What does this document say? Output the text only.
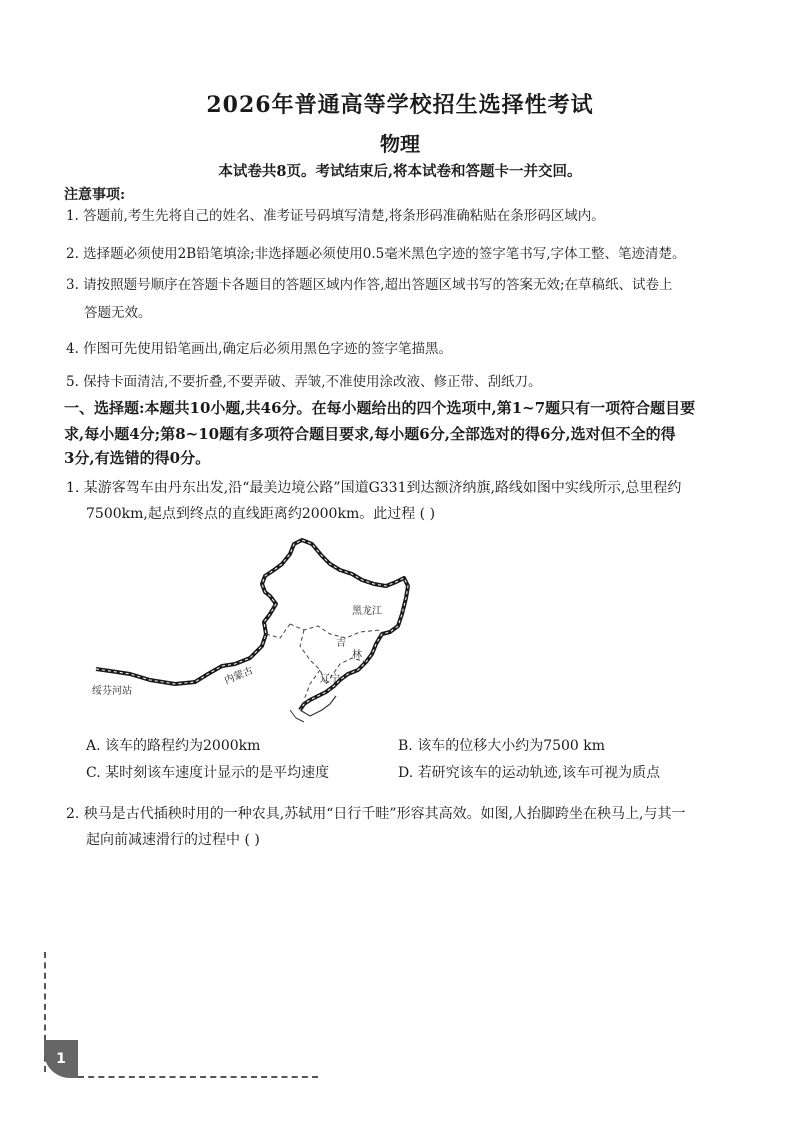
2026年普通高等学校招生选择性考试
物理
本试卷共8页。考试结束后,将本试卷和答题卡一并交回。
注意事项:
1. 答题前,考生先将自己的姓名、准考证号码填写清楚,将条形码准确粘贴在条形码区域内。
2. 选择题必须使用2B铅笔填涂;非选择题必须使用0.5毫米黑色字迹的签字笔书写,字体工整、笔迹清楚。
3. 请按照题号顺序在答题卡各题目的答题区域内作答,超出答题区域书写的答案无效;在草稿纸、试卷上
答题无效。
4. 作图可先使用铅笔画出,确定后必须用黑色字迹的签字笔描黑。
5. 保持卡面清洁,不要折叠,不要弄破、弄皱,不准使用涂改液、修正带、刮纸刀。
一、选择题:本题共10小题,共46分。在每小题给出的四个选项中,第1~7题只有一项符合题目要
求,每小题4分;第8~10题有多项符合题目要求,每小题6分,全部选对的得6分,选对但不全的得
3分,有选错的得0分。
1. 某游客驾车由丹东出发,沿“最美边境公路”国道G331到达额济纳旗,路线如图中实线所示,总里程约
7500km,起点到终点的直线距离约2000km。此过程 ( )
黑龙江
吉
林
内蒙古	辽宁
绥芬河站
A. 该车的路程约为2000km	B. 该车的位移大小约为7500 km
C. 某时刻该车速度计显示的是平均速度	D. 若研究该车的运动轨迹,该车可视为质点
2. 秧马是古代插秧时用的一种农具,苏轼用“日行千畦”形容其高效。如图,人抬脚跨坐在秧马上,与其一
起向前减速滑行的过程中 ( )
1
